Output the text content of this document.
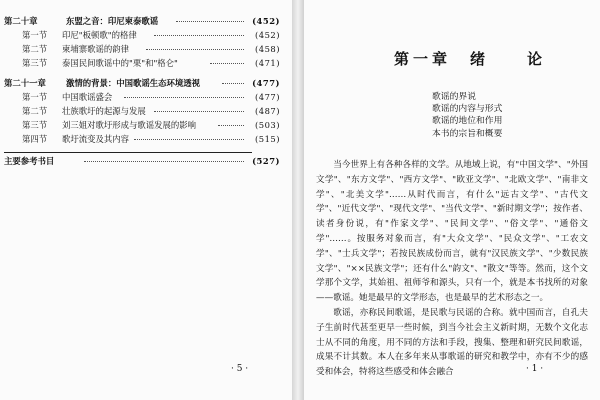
第二十章	东盟之音：印尼柬泰歌谣	(452)
第一节 印尼"板顿歌"的格律	(452)
第二节 柬埔寨歌谣的韵律	(458)
第三节 泰国民间歌谣中的"栗"和"格仑"	(471)
第二十一章 激情的背景：中国歌谣生态环境透视	(477)
第一节 中国歌谣盛会	(477)
第二节 壮族歌圩的起源与发展	(487)
第三节 刘三姐对歌圩形成与歌谣发展的影响	(503)
第四节 歌圩流变及其内容	(515)
主要参考书目	(527)
· 5 ·
第一章　绪　　论
歌谣的界说
歌谣的内容与形式
歌谣的地位和作用
本书的宗旨和概要

当今世界上有各种各样的文学。从地域上说，有"中国文学"、"外国文学"、"东方文学"、"西方文学"、"欧亚文学"、"北欧文学"、"南非文学"、"北美文学"……从时代而言，有什么"远古文学"、"古代文学"、"近代文学"、"现代文学"、"当代文学"、"新时期文学"；按作者、读者身份说，有"作家文学"、"民间文学"、"俗文学"、"通俗文学"……。按服务对象而言，有"大众文学"、"民众文学"、"工农文学"、"士兵文学"；若按民族成份而言，就有"汉民族文学"、"少数民族文学"、"××民族文学"；还有什么"韵文"、"散文"等等。然而，这个文学那个文学，其始祖、祖师爷和源头，只有一个，就是本书找所的对象——歌谣。她是最早的文学形态，也是最早的艺术形态之一。

歌谣，亦称民间歌谣，是民歌与民谣的合称。就中国而言，自孔夫子生前时代甚至更早一些时候，到当今社会主义新时期，无数个文化志士从不同的角度，用不同的方法和手段，搜集、整理和研究民间歌谣，成果不计其数。本人在多年来从事歌谣的研究和教学中，亦有不少的感受和体会，特将这些感受和体会融合	· 1 ·
